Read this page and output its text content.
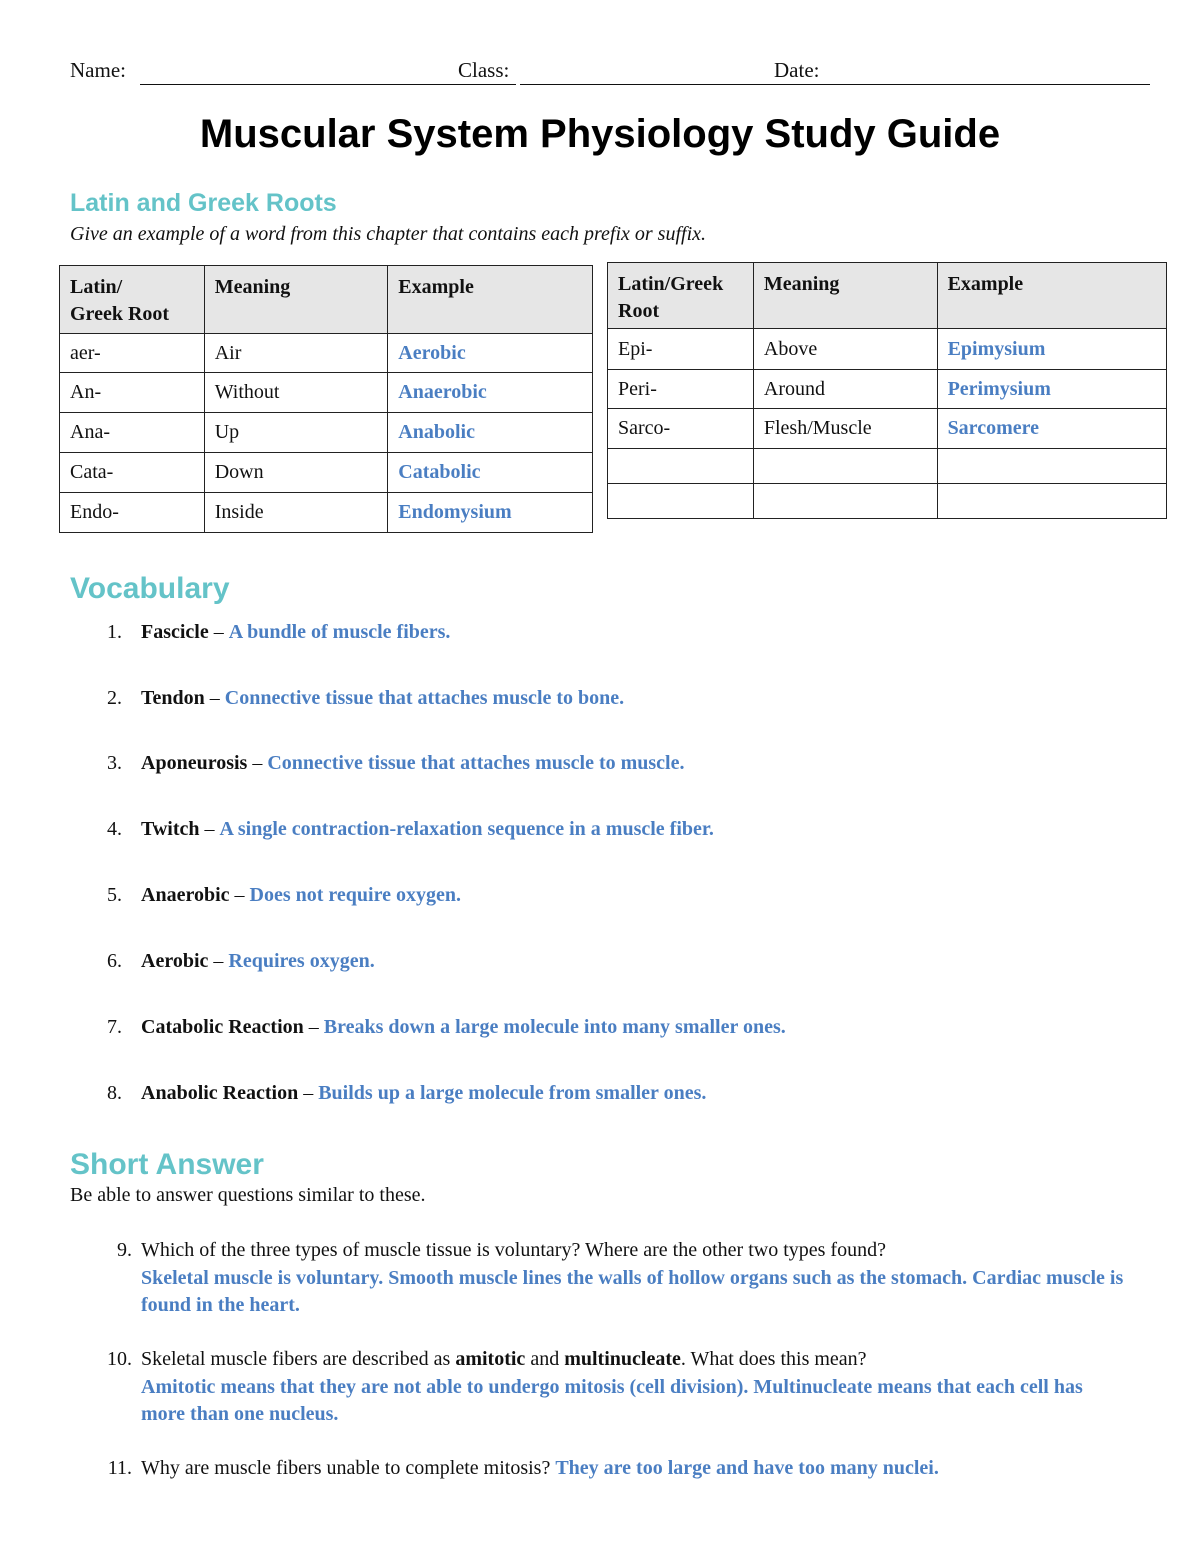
Name:	Class:	Date:
Muscular System Physiology Study Guide
Latin and Greek Roots
Give an example of a word from this chapter that contains each prefix or suffix.
Latin/
Greek Root	Meaning	Example
aer-	Air	Aerobic
An-	Without	Anaerobic
Ana-	Up	Anabolic
Cata-	Down	Catabolic
Endo-	Inside	Endomysium
Latin/Greek Root	Meaning	Example
Epi-	Above	Epimysium
Peri-	Around	Perimysium
Sarco-	Flesh/Muscle	Sarcomere

Vocabulary
1. Fascicle – A bundle of muscle fibers.
2. Tendon – Connective tissue that attaches muscle to bone.
3. Aponeurosis – Connective tissue that attaches muscle to muscle.
4. Twitch – A single contraction-relaxation sequence in a muscle fiber.
5. Anaerobic – Does not require oxygen.
6. Aerobic – Requires oxygen.
7. Catabolic Reaction – Breaks down a large molecule into many smaller ones.
8. Anabolic Reaction – Builds up a large molecule from smaller ones.
Short Answer
Be able to answer questions similar to these.
9. Which of the three types of muscle tissue is voluntary? Where are the other two types found?
Skeletal muscle is voluntary. Smooth muscle lines the walls of hollow organs such as the stomach. Cardiac muscle is found in the heart.
10. Skeletal muscle fibers are described as amitotic and multinucleate. What does this mean?
Amitotic means that they are not able to undergo mitosis (cell division). Multinucleate means that each cell has more than one nucleus.
11. Why are muscle fibers unable to complete mitosis? They are too large and have too many nuclei.
